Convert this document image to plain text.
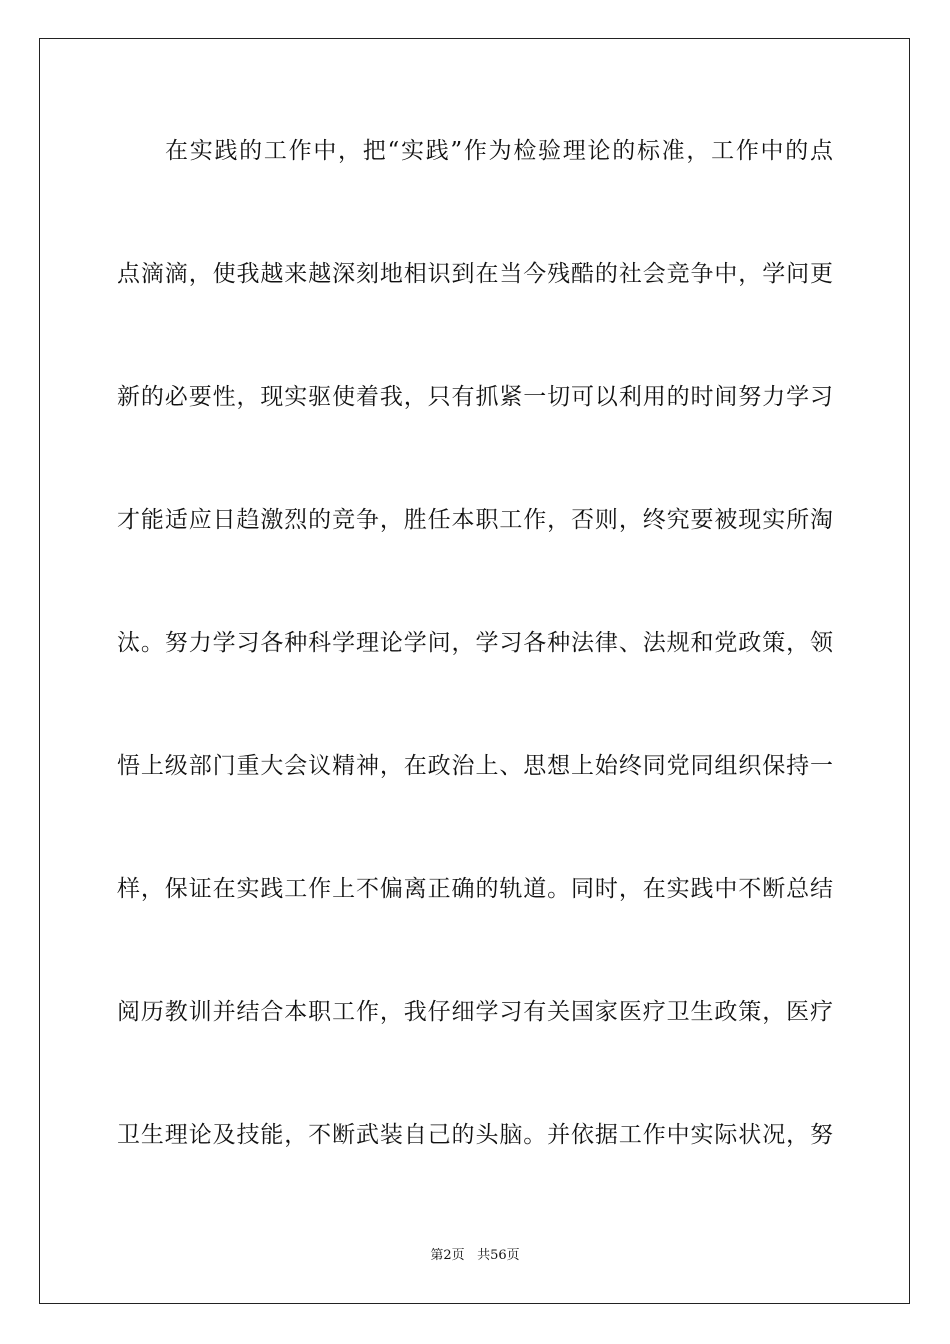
在实践的工作中，把“实践”作为检验理论的标准，工作中的点
点滴滴，使我越来越深刻地相识到在当今残酷的社会竞争中，学问更
新的必要性，现实驱使着我，只有抓紧一切可以利用的时间努力学习
才能适应日趋激烈的竞争，胜任本职工作，否则，终究要被现实所淘
汰。努力学习各种科学理论学问，学习各种法律、法规和党政策，领
悟上级部门重大会议精神，在政治上、思想上始终同党同组织保持一
样，保证在实践工作上不偏离正确的轨道。同时，在实践中不断总结
阅历教训并结合本职工作，我仔细学习有关国家医疗卫生政策，医疗
卫生理论及技能，不断武装自己的头脑。并依据工作中实际状况，努
第2页 共56页
